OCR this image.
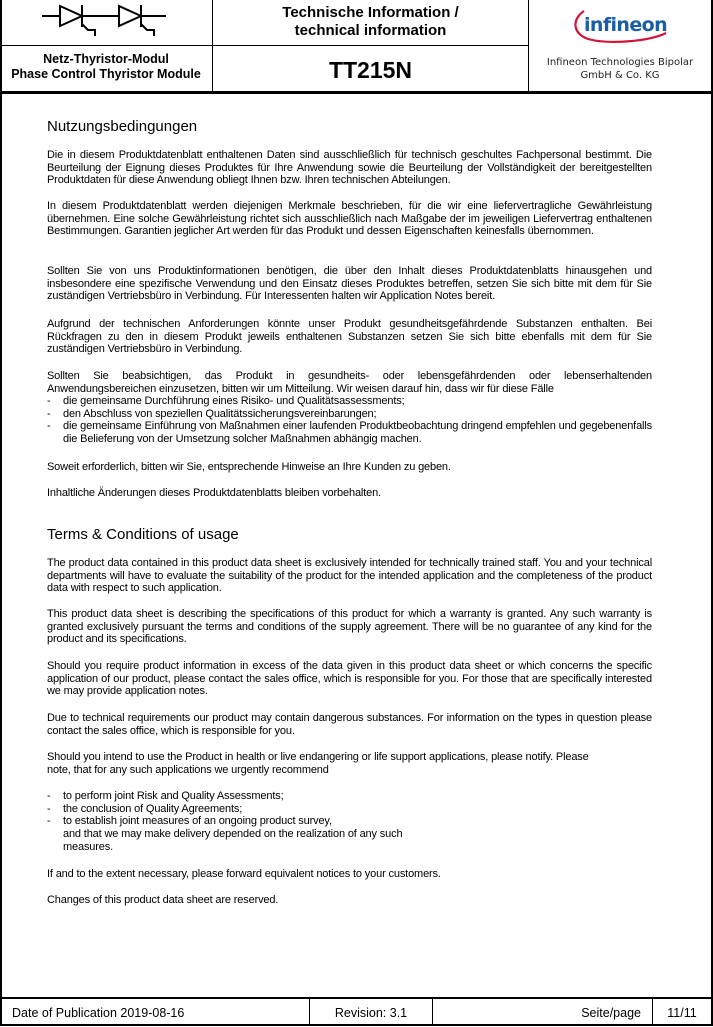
Netz-Thyristor-Modul
Phase Control Thyristor Module
Technische Information /
technical information
TT215N
infineon
Infineon Technologies Bipolar
GmbH & Co. KG
Nutzungsbedingungen

Die in diesem Produktdatenblatt enthaltenen Daten sind ausschließlich für technisch geschultes Fachpersonal bestimmt. Die Beurteilung der Eignung dieses Produktes für Ihre Anwendung sowie die Beurteilung der Vollständigkeit der bereitgestellten Produktdaten für diese Anwendung obliegt Ihnen bzw. Ihren technischen Abteilungen.

In diesem Produktdatenblatt werden diejenigen Merkmale beschrieben, für die wir eine liefervertragliche Gewährleistung übernehmen. Eine solche Gewährleistung richtet sich ausschließlich nach Maßgabe der im jeweiligen Liefervertrag enthaltenen Bestimmungen. Garantien jeglicher Art werden für das Produkt und dessen Eigenschaften keinesfalls übernommen.

Sollten Sie von uns Produktinformationen benötigen, die über den Inhalt dieses Produktdatenblatts hinausgehen und insbesondere eine spezifische Verwendung und den Einsatz dieses Produktes betreffen, setzen Sie sich bitte mit dem für Sie zuständigen Vertriebsbüro in Verbindung. Für Interessenten halten wir Application Notes bereit.

Aufgrund der technischen Anforderungen könnte unser Produkt gesundheitsgefährdende Substanzen enthalten. Bei Rückfragen zu den in diesem Produkt jeweils enthaltenen Substanzen setzen Sie sich bitte ebenfalls mit dem für Sie zuständigen Vertriebsbüro in Verbindung.

Sollten Sie beabsichtigen, das Produkt in gesundheits- oder lebensgefährdenden oder lebenserhaltenden Anwendungsbereichen einzusetzen, bitten wir um Mitteilung. Wir weisen darauf hin, dass wir für diese Fälle

- die gemeinsame Durchführung eines Risiko- und Qualitätsassessments;
- den Abschluss von speziellen Qualitätssicherungsvereinbarungen;
- die gemeinsame Einführung von Maßnahmen einer laufenden Produktbeobachtung dringend empfehlen und gegebenenfalls die Belieferung von der Umsetzung solcher Maßnahmen abhängig machen.

Soweit erforderlich, bitten wir Sie, entsprechende Hinweise an Ihre Kunden zu geben.

Inhaltliche Änderungen dieses Produktdatenblatts bleiben vorbehalten.

Terms & Conditions of usage

The product data contained in this product data sheet is exclusively intended for technically trained staff. You and your technical departments will have to evaluate the suitability of the product for the intended application and the completeness of the product data with respect to such application.

This product data sheet is describing the specifications of this product for which a warranty is granted. Any such warranty is granted exclusively pursuant the terms and conditions of the supply agreement. There will be no guarantee of any kind for the product and its specifications.

Should you require product information in excess of the data given in this product data sheet or which concerns the specific application of our product, please contact the sales office, which is responsible for you. For those that are specifically interested we may provide application notes.

Due to technical requirements our product may contain dangerous substances. For information on the types in question please contact the sales office, which is responsible for you.

Should you intend to use the Product in health or live endangering or life support applications, please notify. Please

note, that for any such applications we urgently recommend

- to perform joint Risk and Quality Assessments;
- the conclusion of Quality Agreements;
- to establish joint measures of an ongoing product survey,

and that we may make delivery depended on the realization of any such

measures.

If and to the extent necessary, please forward equivalent notices to your customers.

Changes of this product data sheet are reserved.

Date of Publication 2019-08-16	Revision: 3.1	Seite/page	11/11
